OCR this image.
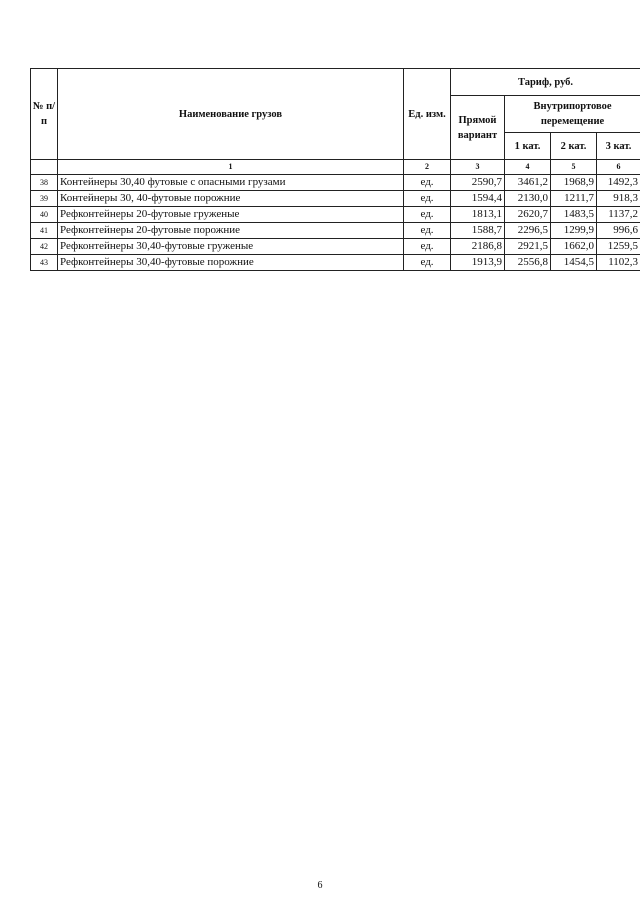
№ п/п	Наименование грузов	Ед. изм.	Тариф, руб.			
			Прямой вариант	Внутрипортовое перемещение		
				1 кат.	2 кат.	3 кат.
	1	2	3	4	5	6
38	Контейнеры 30,40 футовые с опасными грузами	ед.	2590,7	3461,2	1968,9	1492,3
39	Контейнеры 30, 40-футовые порожние	ед.	1594,4	2130,0	1211,7	918,3
40	Рефконтейнеры 20-футовые груженые	ед.	1813,1	2620,7	1483,5	1137,2
41	Рефконтейнеры 20-футовые порожние	ед.	1588,7	2296,5	1299,9	996,6
42	Рефконтейнеры 30,40-футовые груженые	ед.	2186,8	2921,5	1662,0	1259,5
43	Рефконтейнеры 30,40-футовые порожние	ед.	1913,9	2556,8	1454,5	1102,3
6
